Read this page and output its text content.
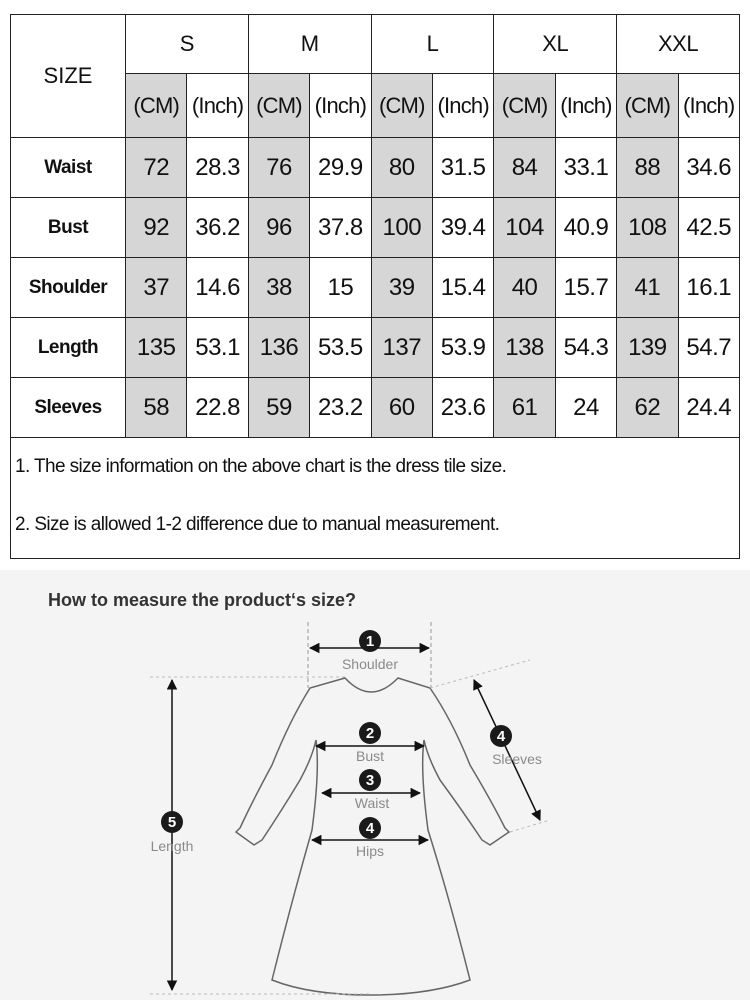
SIZE	S		M		L		XL		XXL	
	(CM)	(Inch)	(CM)	(Inch)	(CM)	(Inch)	(CM)	(Inch)	(CM)	(Inch)
Waist	72	28.3	76	29.9	80	31.5	84	33.1	88	34.6
Bust	92	36.2	96	37.8	100	39.4	104	40.9	108	42.5
Shoulder	37	14.6	38	15	39	15.4	40	15.7	41	16.1
Length	135	53.1	136	53.5	137	53.9	138	54.3	139	54.7
Sleeves	58	22.8	59	23.2	60	23.6	61	24	62	24.4

1. The size information on the above chart is the dress tile size.
2. Size is allowed 1-2 difference due to manual measurement.										
How to measure the product‘s size?
1
Shoulder
2
Bust
3
Waist
4
Hips
4
Sleeves
5
Length
